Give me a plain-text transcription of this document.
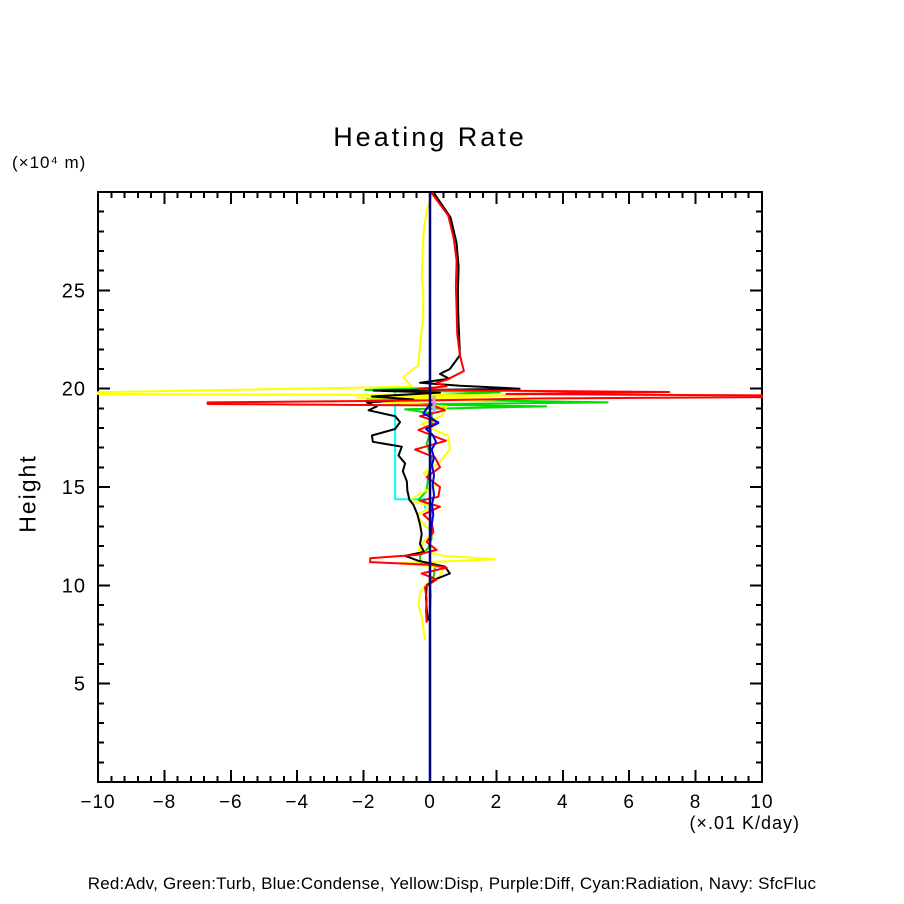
Heating Rate
(×10⁴ m)
Height
(×.01 K/day)
Red:Adv, Green:Turb, Blue:Condense, Yellow:Disp, Purple:Diff, Cyan:Radiation, Navy: SfcFluc
−10 −8 −6 −4 −2	0	2	4	6	8	10
5
10
15
20
25
